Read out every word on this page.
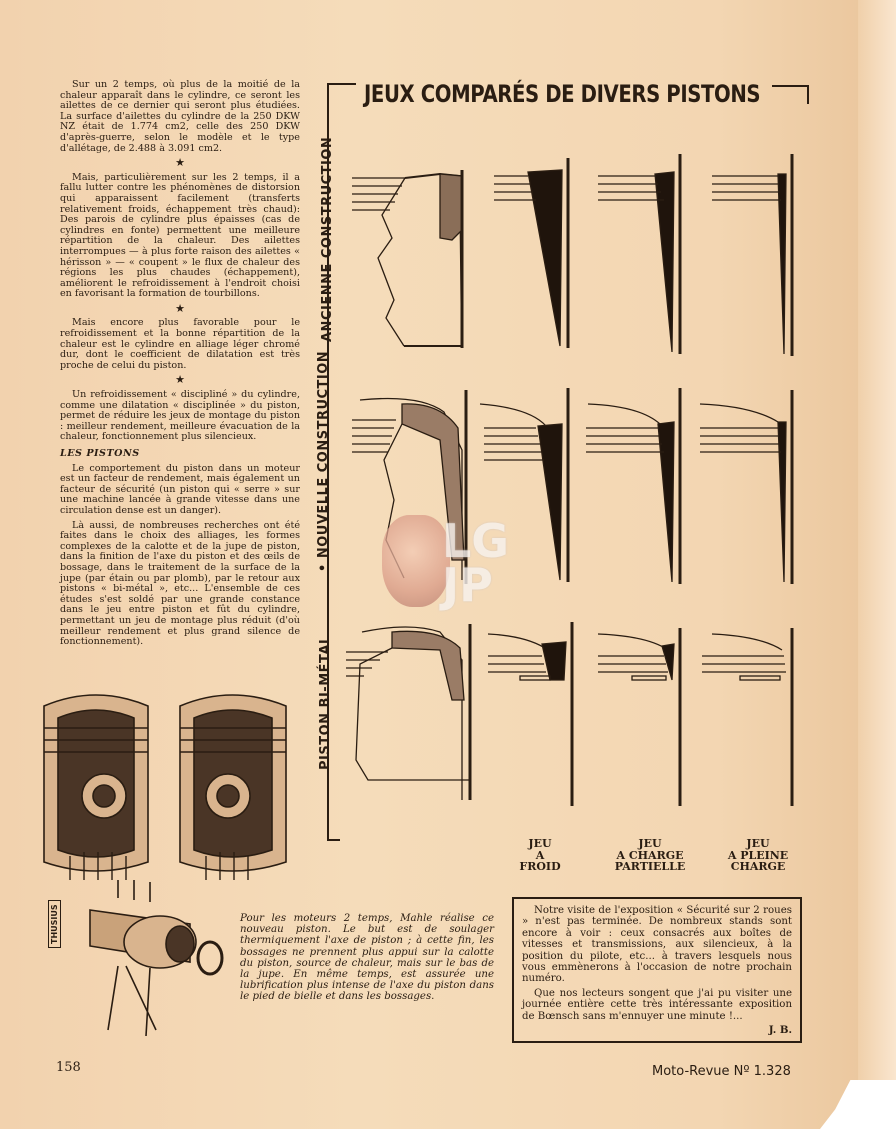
Sur un 2 temps, où plus de la moitié de la chaleur apparaît dans le cylindre, ce seront les ailettes de ce dernier qui seront plus étudiées. La surface d'ailettes du cylindre de la 250 DKW NZ était de 1.774 cm2, celle des 250 DKW d'après-guerre, selon le modèle et le type d'allétage, de 2.488 à 3.091 cm2.

★

Mais, particulièrement sur les 2 temps, il a fallu lutter contre les phénomènes de distorsion qui apparaissent facilement (transferts relativement froids, échappement très chaud): Des parois de cylindre plus épaisses (cas de cylindres en fonte) permettent une meilleure répartition de la chaleur. Des ailettes interrompues — à plus forte raison des ailettes « hérisson » — « coupent » le flux de chaleur des régions les plus chaudes (échappement), améliorent le refroidissement à l'endroit choisi en favorisant la formation de tourbillons.

★

Mais encore plus favorable pour le refroidissement et la bonne répartition de la chaleur est le cylindre en alliage léger chromé dur, dont le coefficient de dilatation est très proche de celui du piston.

★

Un refroidissement « discipliné » du cylindre, comme une dilatation « disciplinée » du piston, permet de réduire les jeux de montage du piston : meilleur rendement, meilleure évacuation de la chaleur, fonctionnement plus silencieux.

LES PISTONS

Le comportement du piston dans un moteur est un facteur de rendement, mais également un facteur de sécurité (un piston qui « serre » sur une machine lancée à grande vitesse dans une circulation dense est un danger).

Là aussi, de nombreuses recherches ont été faites dans le choix des alliages, les formes complexes de la calotte et de la jupe de piston, dans la finition de l'axe du piston et des œils de bossage, dans le traitement de la surface de la jupe (par étain ou par plomb), par le retour aux pistons « bi-métal », etc... L'ensemble de ces études s'est soldé par une grande constance dans le jeu entre piston et fût du cylindre, permettant un jeu de montage plus réduit (d'où meilleur rendement et plus grand silence de fonctionnement).

JEUX COMPARÉS DE DIVERS PISTONS
ANCIENNE CONSTRUCTION
• NOUVELLE CONSTRUCTION
PISTON BI-MÉTAL
JEU
A
FROID
JEU
A CHARGE
PARTIELLE
JEU
A PLEINE
CHARGE
LG JP
THUSIUS	Pour les moteurs 2 temps, Mahle réalise ce nouveau piston. Le but est de soulager thermiquement l'axe de piston ; à cette fin, les bossages ne prennent plus appui sur la calotte du piston, source de chaleur, mais sur le bas de la jupe. En même temps, est assurée une lubrification plus intense de l'axe du piston dans le pied de bielle et dans les bossages.

Notre visite de l'exposition « Sécurité sur 2 roues » n'est pas terminée. De nombreux stands sont encore à voir : ceux consacrés aux boîtes de vitesses et transmissions, aux silencieux, à la position du pilote, etc... à travers lesquels nous vous emmènerons à l'occasion de notre prochain numéro.

Que nos lecteurs songent que j'ai pu visiter une journée entière cette très intéressante exposition de Bœnsch sans m'ennuyer une minute !...

J. B.
158	Moto-Revue Nº 1.328
